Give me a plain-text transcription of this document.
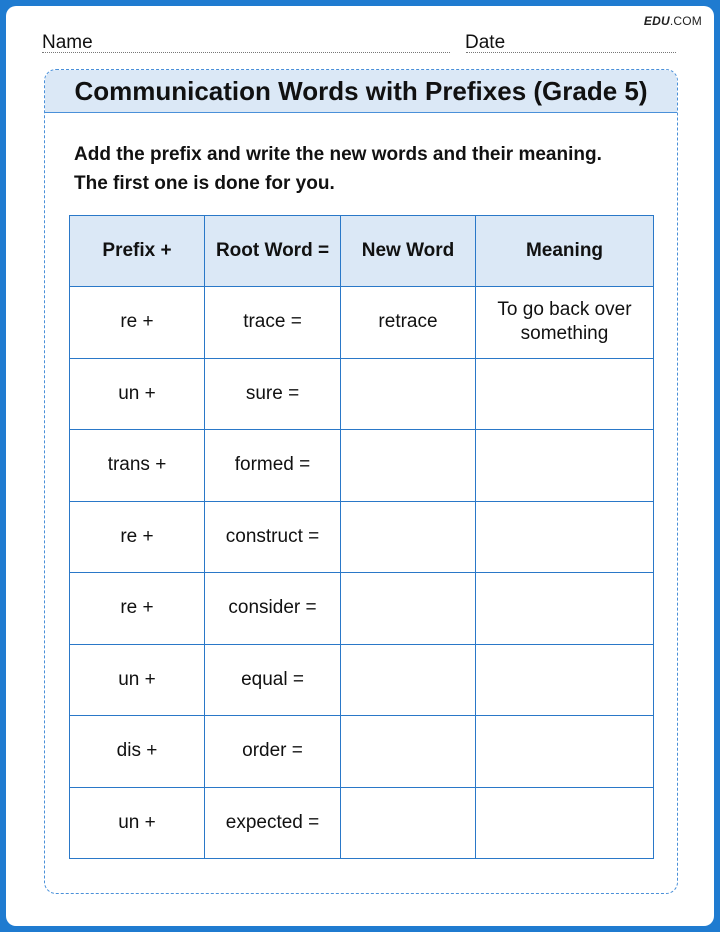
EDU.COM
Name	Date
Communication Words with Prefixes (Grade 5)
Add the prefix and write the new words and their meaning.
The first one is done for you.
Prefix +	Root Word =	New Word	Meaning
re +	trace =	retrace	To go back over something
un +	sure =		
trans +	formed =		
re +	construct =		
re +	consider =		
un +	equal =		
dis +	order =		
un +	expected =		
